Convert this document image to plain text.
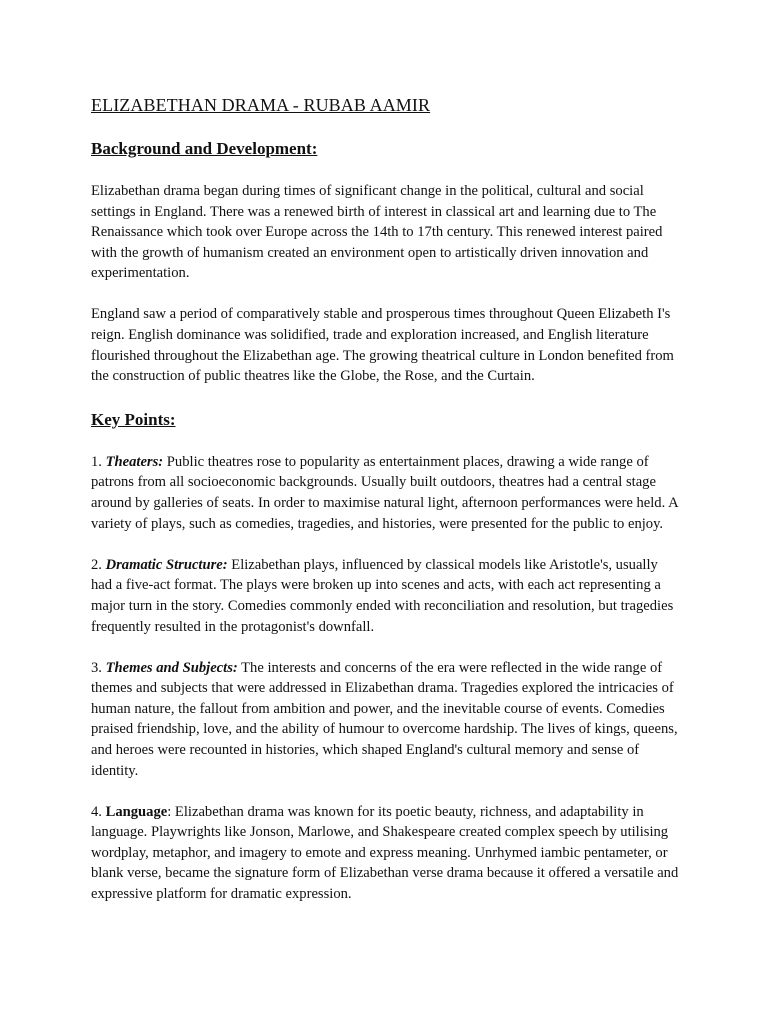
ELIZABETHAN DRAMA - RUBAB AAMIR
Background and Development:

Elizabethan drama began during times of significant change in the political, cultural and social settings in England. There was a renewed birth of interest in classical art and learning due to The Renaissance which took over Europe across the 14th to 17th century. This renewed interest paired with the growth of humanism created an environment open to artistically driven innovation and experimentation.

England saw a period of comparatively stable and prosperous times throughout Queen Elizabeth I's reign. English dominance was solidified, trade and exploration increased, and English literature flourished throughout the Elizabethan age. The growing theatrical culture in London benefited from the construction of public theatres like the Globe, the Rose, and the Curtain.

Key Points:

1. Theaters: Public theatres rose to popularity as entertainment places, drawing a wide range of patrons from all socioeconomic backgrounds. Usually built outdoors, theatres had a central stage around by galleries of seats. In order to maximise natural light, afternoon performances were held. A variety of plays, such as comedies, tragedies, and histories, were presented for the public to enjoy.

2. Dramatic Structure: Elizabethan plays, influenced by classical models like Aristotle's, usually had a five-act format. The plays were broken up into scenes and acts, with each act representing a major turn in the story. Comedies commonly ended with reconciliation and resolution, but tragedies frequently resulted in the protagonist's downfall.

3. Themes and Subjects: The interests and concerns of the era were reflected in the wide range of themes and subjects that were addressed in Elizabethan drama. Tragedies explored the intricacies of human nature, the fallout from ambition and power, and the inevitable course of events. Comedies praised friendship, love, and the ability of humour to overcome hardship. The lives of kings, queens, and heroes were recounted in histories, which shaped England's cultural memory and sense of identity.

4. Language: Elizabethan drama was known for its poetic beauty, richness, and adaptability in language. Playwrights like Jonson, Marlowe, and Shakespeare created complex speech by utilising wordplay, metaphor, and imagery to emote and express meaning. Unrhymed iambic pentameter, or blank verse, became the signature form of Elizabethan verse drama because it offered a versatile and expressive platform for dramatic expression.
